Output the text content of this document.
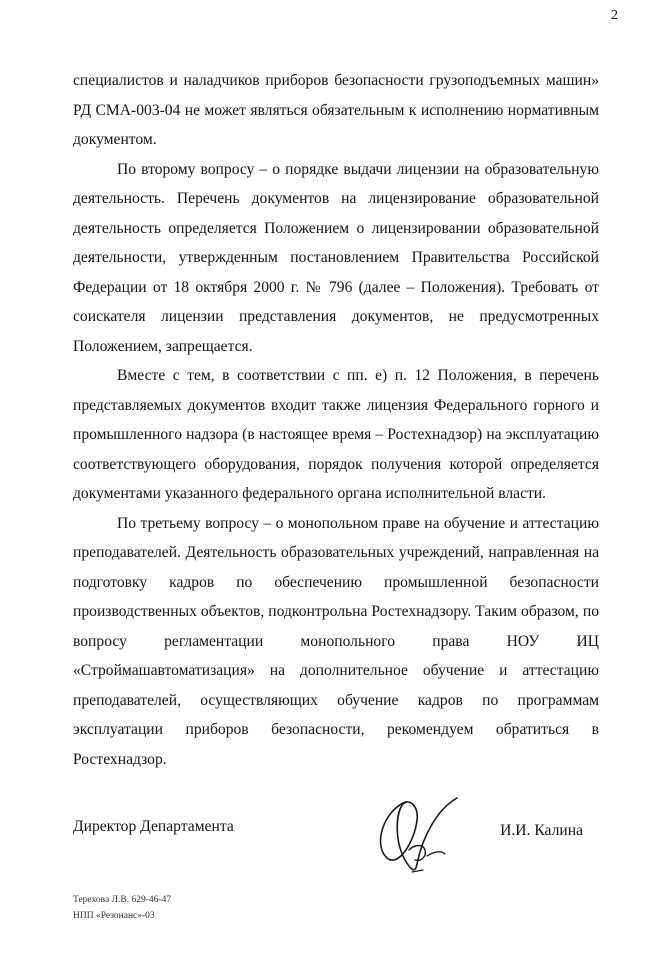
2

специалистов и наладчиков приборов безопасности грузоподъемных машин» РД СМА-003-04 не может являться обязательным к исполнению нормативным документом.

По второму вопросу – о порядке выдачи лицензии на образовательную деятельность. Перечень документов на лицензирование образовательной деятельность определяется Положением о лицензировании образовательной деятельности, утвержденным постановлением Правительства Российской Федерации от 18 октября 2000 г. № 796 (далее – Положения). Требовать от соискателя лицензии представления документов, не предусмотренных Положением, запрещается.

Вместе с тем, в соответствии с пп. е) п. 12 Положения, в перечень представляемых документов входит также лицензия Федерального горного и промышленного надзора (в настоящее время – Ростехнадзор) на эксплуатацию соответствующего оборудования, порядок получения которой определяется документами указанного федерального органа исполнительной власти.

По третьему вопросу – о монопольном праве на обучение и аттестацию преподавателей. Деятельность образовательных учреждений, направленная на подготовку кадров по обеспечению промышленной безопасности производственных объектов, подконтрольна Ростехнадзору. Таким образом, по вопросу регламентации монопольного права НОУ ИЦ «Строймашавтоматизация» на дополнительное обучение и аттестацию преподавателей, осуществляющих обучение кадров по программам эксплуатации приборов безопасности, рекомендуем обратиться в Ростехнадзор.

Директор Департамента	И.И. Калина
Терехова Л.В. 629-46-47
НПП «Резонанс»-03
